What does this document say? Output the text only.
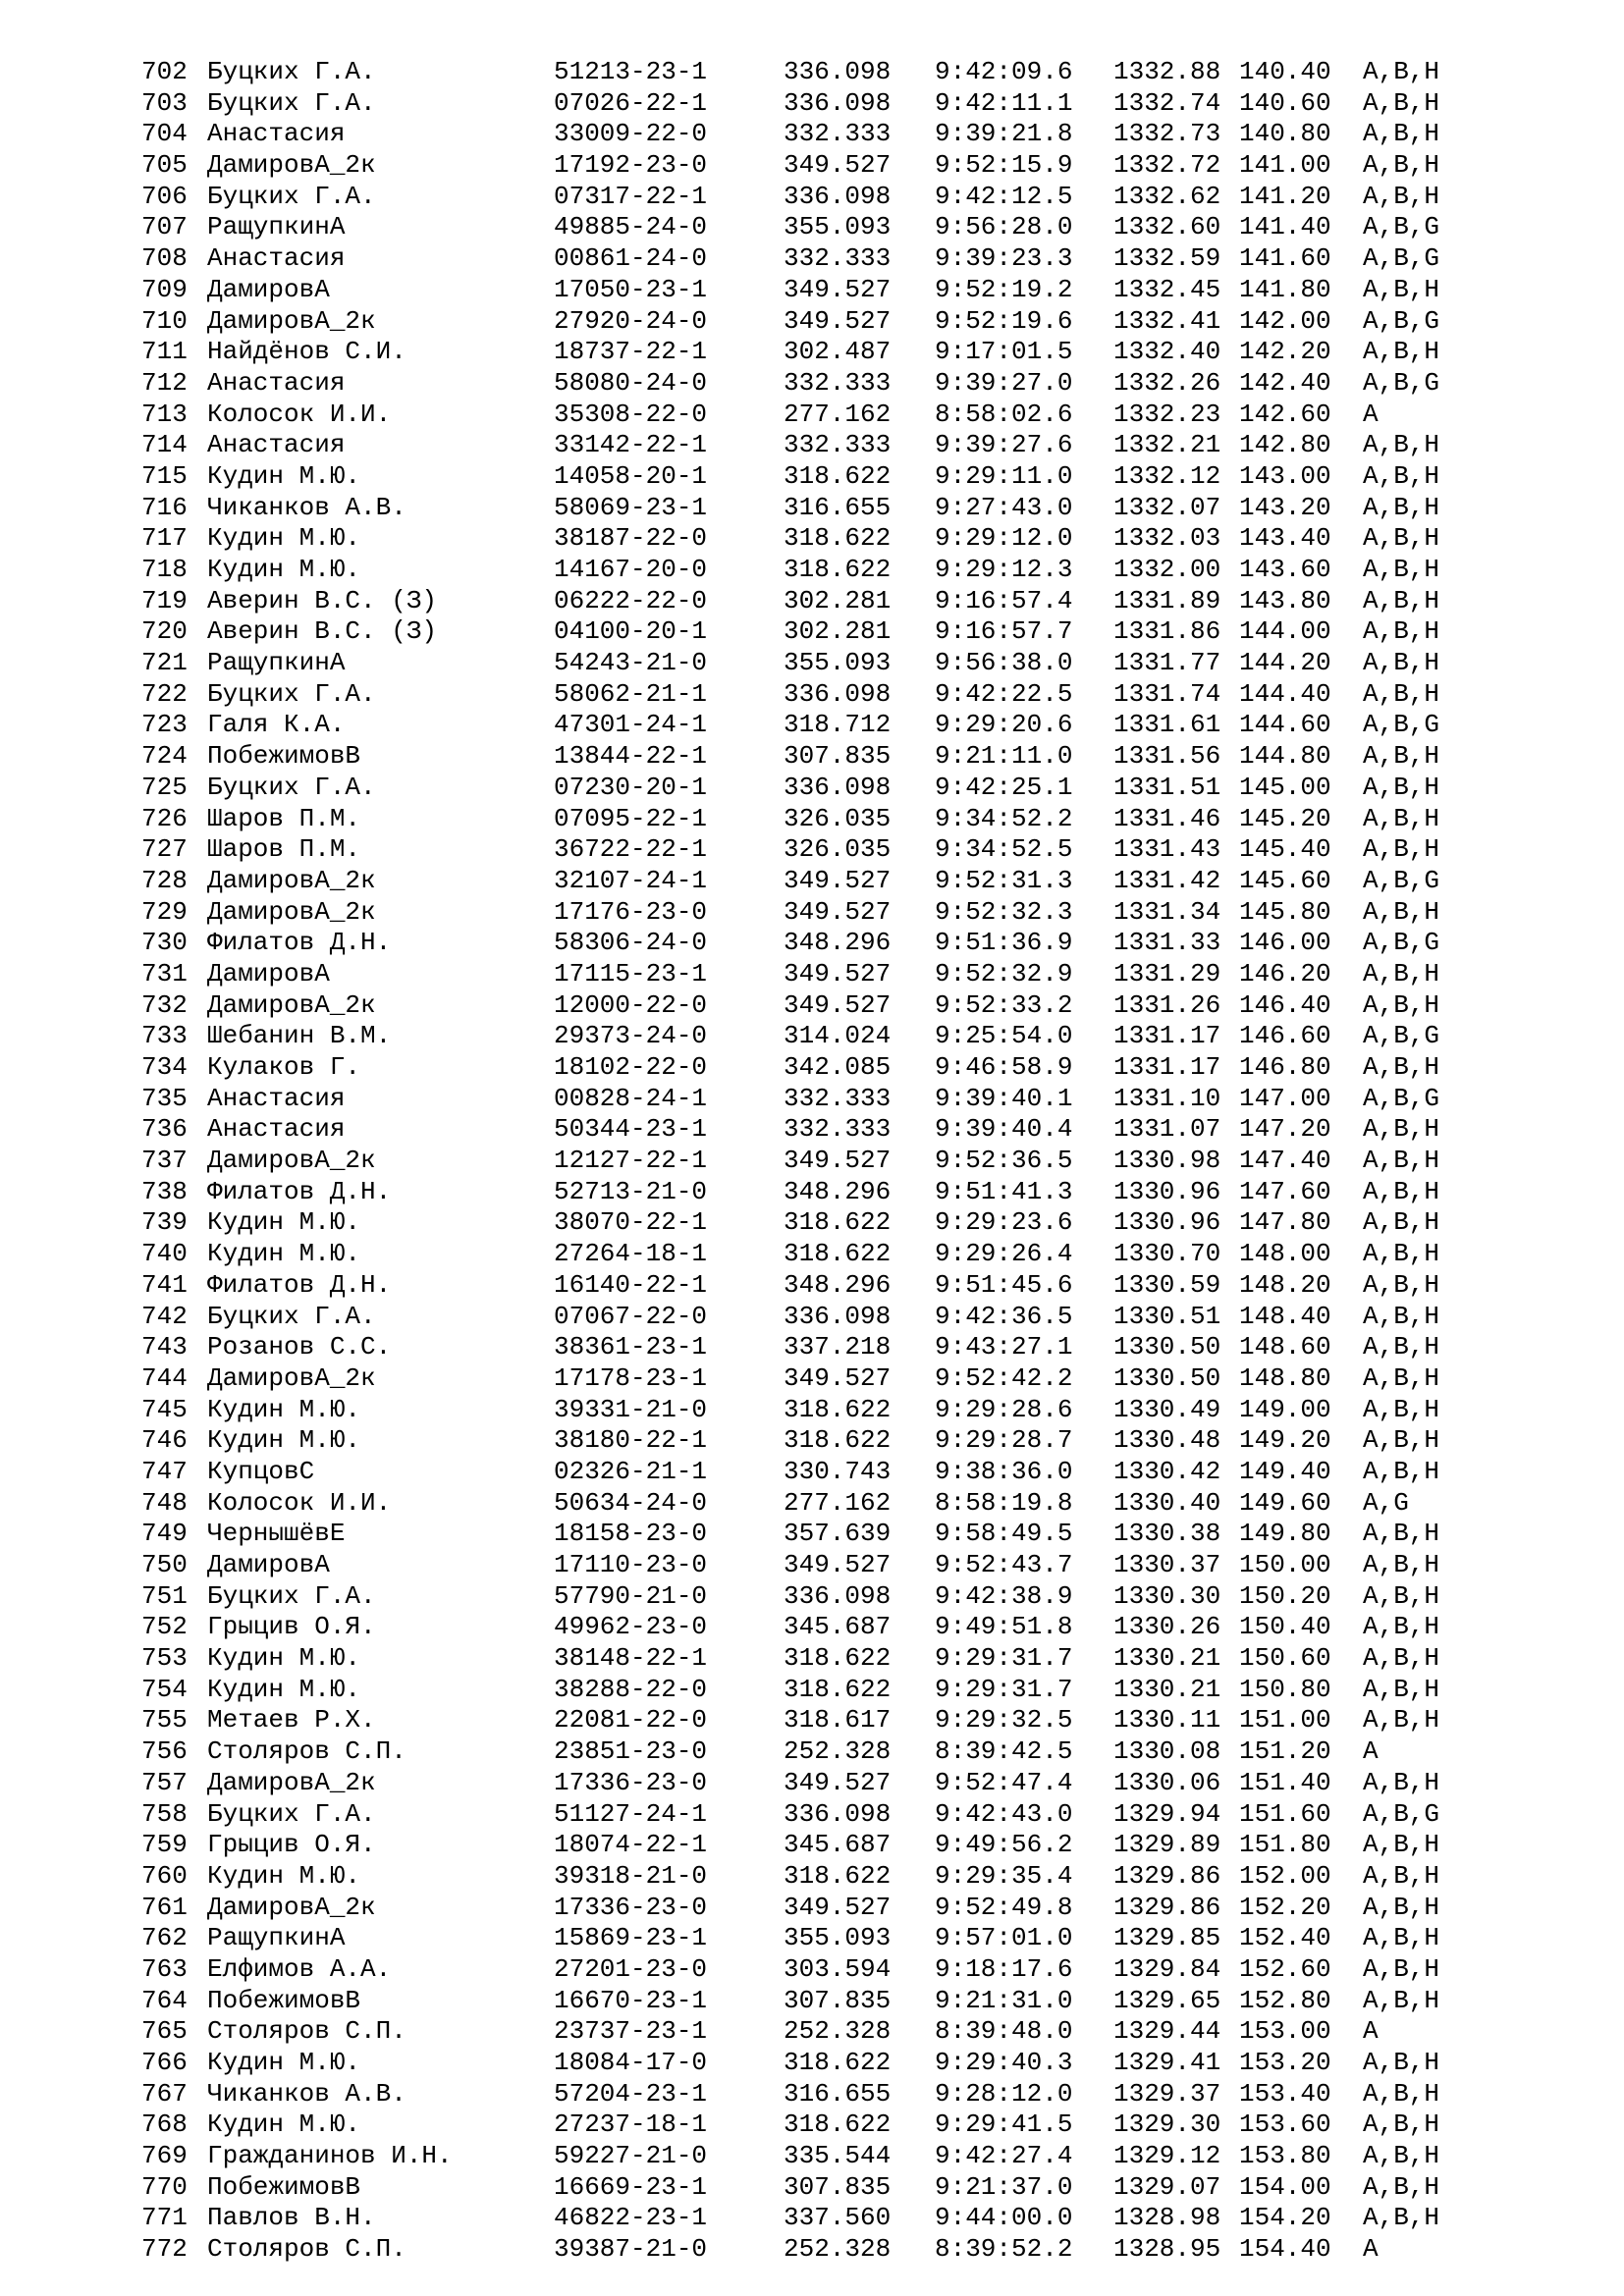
702 Буцких Г.А.	51213-23-1	336.098 9:42:09.6 1332.88 140.40 A,B,H
703 Буцких Г.А.	07026-22-1	336.098 9:42:11.1 1332.74 140.60 A,B,H
704 Анастасия	33009-22-0	332.333 9:39:21.8 1332.73 140.80 A,B,H
705 ДамировА_2к	17192-23-0	349.527 9:52:15.9 1332.72 141.00 A,B,H
706 Буцких Г.А.	07317-22-1	336.098 9:42:12.5 1332.62 141.20 A,B,H
707 РащупкинА	49885-24-0	355.093 9:56:28.0 1332.60 141.40 A,B,G
708 Анастасия	00861-24-0	332.333 9:39:23.3 1332.59 141.60 A,B,G
709 ДамировА	17050-23-1	349.527 9:52:19.2 1332.45 141.80 A,B,H
710 ДамировА_2к	27920-24-0	349.527 9:52:19.6 1332.41 142.00 A,B,G
711 Найдёнов С.И.	18737-22-1	302.487 9:17:01.5 1332.40 142.20 A,B,H
712 Анастасия	58080-24-0	332.333 9:39:27.0 1332.26 142.40 A,B,G
713 Колосок И.И.	35308-22-0	277.162 8:58:02.6 1332.23 142.60 A
714 Анастасия	33142-22-1	332.333 9:39:27.6 1332.21 142.80 A,B,H
715 Кудин М.Ю.	14058-20-1	318.622 9:29:11.0 1332.12 143.00 A,B,H
716 Чиканков А.В.	58069-23-1	316.655 9:27:43.0 1332.07 143.20 A,B,H
717 Кудин М.Ю.	38187-22-0	318.622 9:29:12.0 1332.03 143.40 A,B,H
718 Кудин М.Ю.	14167-20-0	318.622 9:29:12.3 1332.00 143.60 A,B,H
719 Аверин В.С. (З)	06222-22-0	302.281 9:16:57.4 1331.89 143.80 A,B,H
720 Аверин В.С. (З)	04100-20-1	302.281 9:16:57.7 1331.86 144.00 A,B,H
721 РащупкинА	54243-21-0	355.093 9:56:38.0 1331.77 144.20 A,B,H
722 Буцких Г.А.	58062-21-1	336.098 9:42:22.5 1331.74 144.40 A,B,H
723 Галя К.А.	47301-24-1	318.712 9:29:20.6 1331.61 144.60 A,B,G
724 ПобежимовВ	13844-22-1	307.835 9:21:11.0 1331.56 144.80 A,B,H
725 Буцких Г.А.	07230-20-1	336.098 9:42:25.1 1331.51 145.00 A,B,H
726 Шаров П.М.	07095-22-1	326.035 9:34:52.2 1331.46 145.20 A,B,H
727 Шаров П.М.	36722-22-1	326.035 9:34:52.5 1331.43 145.40 A,B,H
728 ДамировА_2к	32107-24-1	349.527 9:52:31.3 1331.42 145.60 A,B,G
729 ДамировА_2к	17176-23-0	349.527 9:52:32.3 1331.34 145.80 A,B,H
730 Филатов Д.Н.	58306-24-0	348.296 9:51:36.9 1331.33 146.00 A,B,G
731 ДамировА	17115-23-1	349.527 9:52:32.9 1331.29 146.20 A,B,H
732 ДамировА_2к	12000-22-0	349.527 9:52:33.2 1331.26 146.40 A,B,H
733 Шебанин В.М.	29373-24-0	314.024 9:25:54.0 1331.17 146.60 A,B,G
734 Кулаков Г.	18102-22-0	342.085 9:46:58.9 1331.17 146.80 A,B,H
735 Анастасия	00828-24-1	332.333 9:39:40.1 1331.10 147.00 A,B,G
736 Анастасия	50344-23-1	332.333 9:39:40.4 1331.07 147.20 A,B,H
737 ДамировА_2к	12127-22-1	349.527 9:52:36.5 1330.98 147.40 A,B,H
738 Филатов Д.Н.	52713-21-0	348.296 9:51:41.3 1330.96 147.60 A,B,H
739 Кудин М.Ю.	38070-22-1	318.622 9:29:23.6 1330.96 147.80 A,B,H
740 Кудин М.Ю.	27264-18-1	318.622 9:29:26.4 1330.70 148.00 A,B,H
741 Филатов Д.Н.	16140-22-1	348.296 9:51:45.6 1330.59 148.20 A,B,H
742 Буцких Г.А.	07067-22-0	336.098 9:42:36.5 1330.51 148.40 A,B,H
743 Розанов С.С.	38361-23-1	337.218 9:43:27.1 1330.50 148.60 A,B,H
744 ДамировА_2к	17178-23-1	349.527 9:52:42.2 1330.50 148.80 A,B,H
745 Кудин М.Ю.	39331-21-0	318.622 9:29:28.6 1330.49 149.00 A,B,H
746 Кудин М.Ю.	38180-22-1	318.622 9:29:28.7 1330.48 149.20 A,B,H
747 КупцовС	02326-21-1	330.743 9:38:36.0 1330.42 149.40 A,B,H
748 Колосок И.И.	50634-24-0	277.162 8:58:19.8 1330.40 149.60 A,G
749 ЧернышёвЕ	18158-23-0	357.639 9:58:49.5 1330.38 149.80 A,B,H
750 ДамировА	17110-23-0	349.527 9:52:43.7 1330.37 150.00 A,B,H
751 Буцких Г.А.	57790-21-0	336.098 9:42:38.9 1330.30 150.20 A,B,H
752 Грыцив О.Я.	49962-23-0	345.687 9:49:51.8 1330.26 150.40 A,B,H
753 Кудин М.Ю.	38148-22-1	318.622 9:29:31.7 1330.21 150.60 A,B,H
754 Кудин М.Ю.	38288-22-0	318.622 9:29:31.7 1330.21 150.80 A,B,H
755 Метаев Р.Х.	22081-22-0	318.617 9:29:32.5 1330.11 151.00 A,B,H
756 Столяров С.П.	23851-23-0	252.328 8:39:42.5 1330.08 151.20 A
757 ДамировА_2к	17336-23-0	349.527 9:52:47.4 1330.06 151.40 A,B,H
758 Буцких Г.А.	51127-24-1	336.098 9:42:43.0 1329.94 151.60 A,B,G
759 Грыцив О.Я.	18074-22-1	345.687 9:49:56.2 1329.89 151.80 A,B,H
760 Кудин М.Ю.	39318-21-0	318.622 9:29:35.4 1329.86 152.00 A,B,H
761 ДамировА_2к	17336-23-0	349.527 9:52:49.8 1329.86 152.20 A,B,H
762 РащупкинА	15869-23-1	355.093 9:57:01.0 1329.85 152.40 A,B,H
763 Елфимов А.А.	27201-23-0	303.594 9:18:17.6 1329.84 152.60 A,B,H
764 ПобежимовВ	16670-23-1	307.835 9:21:31.0 1329.65 152.80 A,B,H
765 Столяров С.П.	23737-23-1	252.328 8:39:48.0 1329.44 153.00 A
766 Кудин М.Ю.	18084-17-0	318.622 9:29:40.3 1329.41 153.20 A,B,H
767 Чиканков А.В.	57204-23-1	316.655 9:28:12.0 1329.37 153.40 A,B,H
768 Кудин М.Ю.	27237-18-1	318.622 9:29:41.5 1329.30 153.60 A,B,H
769 Гражданинов И.Н.	59227-21-0	335.544 9:42:27.4 1329.12 153.80 A,B,H
770 ПобежимовВ	16669-23-1	307.835 9:21:37.0 1329.07 154.00 A,B,H
771 Павлов В.Н.	46822-23-1	337.560 9:44:00.0 1328.98 154.20 A,B,H
772 Столяров С.П.	39387-21-0	252.328 8:39:52.2 1328.95 154.40 A
